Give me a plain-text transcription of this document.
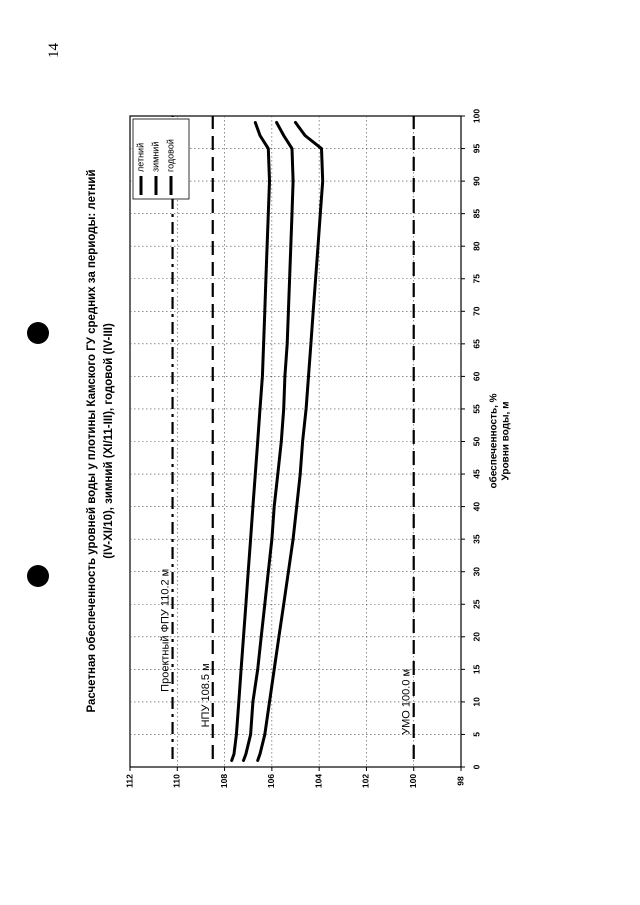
14
0
5
10
15
20
25
30
35
40
45
50
55
60
65
70
75
80
85
90
95
100
98
100
102
104
106
108
110
112
Проектный ФПУ 110.2 м
НПУ 108.5 м	УМО 100.0 м
Расчетная обеспеченность уровней воды у плотины Камского ГУ средних за периоды: летний (IV-XI/10), зимний (XI/11-III), годовой (IV-III)	Уровни воды, м
обеспеченность, %
летний зимний годовой
